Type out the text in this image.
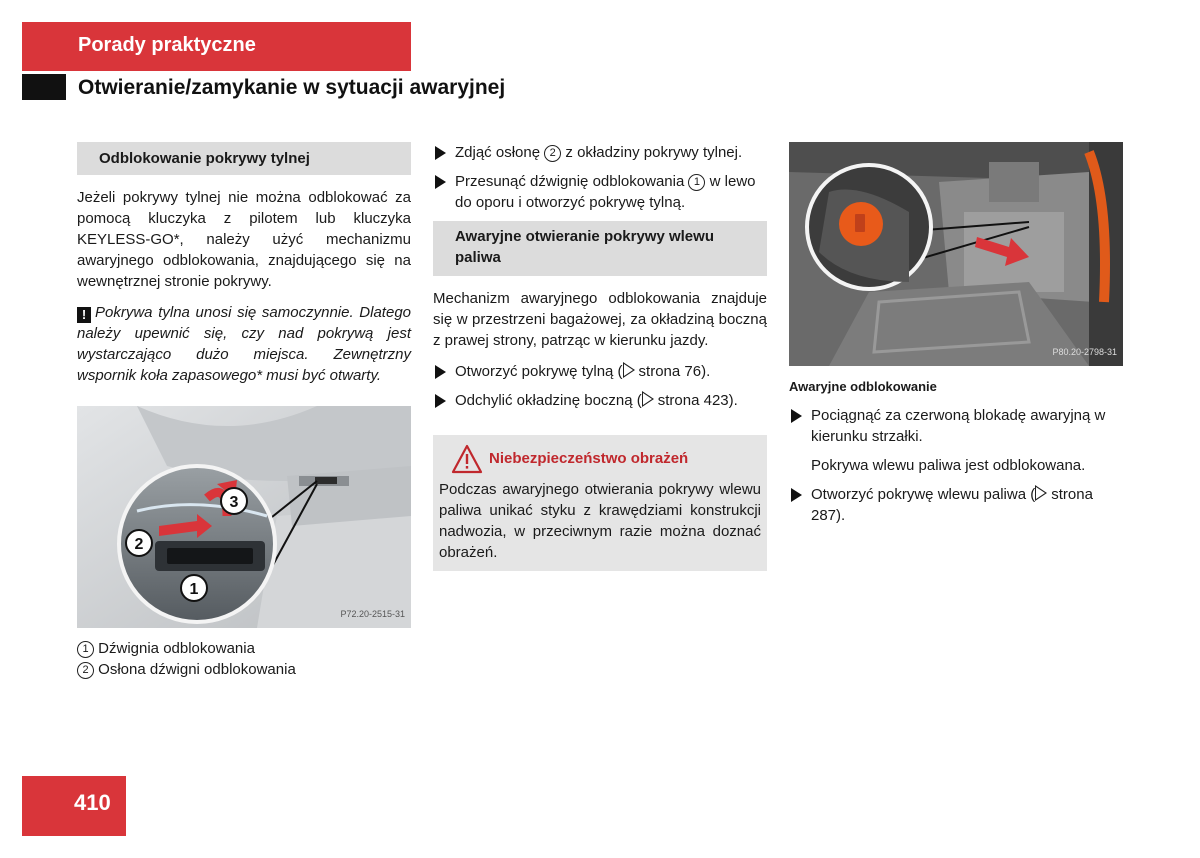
Porady praktyczne
Otwieranie/zamykanie w sytuacji awaryjnej
Odblokowanie pokrywy tylnej

Jeżeli pokrywy tylnej nie można odblokować za pomocą kluczyka z pilotem lub kluczyka KEYLESS-GO*, należy użyć mechanizmu awaryjnego odblokowania, znajdującego się na wewnętrznej stronie pokrywy.

! Pokrywa tylna unosi się samoczynnie. Dlatego należy upewnić się, czy nad pokrywą jest wystarczająco dużo miejsca. Zewnętrzny wspornik koła zapasowego* musi być otwarty.

1
2
3
P72.20-2515-31
1 Dźwignia odblokowania
2 Osłona dźwigni odblokowania
Zdjąć osłonę 2 z okładziny pokrywy tylnej.
Przesunąć dźwignię odblokowania 1 w lewo do oporu i otworzyć pokrywę tylną.
Awaryjne otwieranie pokrywy wlewu paliwa

Mechanizm awaryjnego odblokowania znajduje się w przestrzeni bagażowej, za okładziną boczną z prawej strony, patrząc w kierunku jazdy.

Otworzyć pokrywę tylną ( strona 76).
Odchylić okładzinę boczną ( strona 423).
Niebezpieczeństwo obrażeń

Podczas awaryjnego otwierania pokrywy wlewu paliwa unikać styku z krawędziami konstrukcji nadwozia, w przeciwnym razie można doznać obrażeń.

P80.20-2798-31
Awaryjne odblokowanie
Pociągnąć za czerwoną blokadę awaryjną w kierunku strzałki.
Pokrywa wlewu paliwa jest odblokowana.
Otworzyć pokrywę wlewu paliwa ( strona 287).
410
